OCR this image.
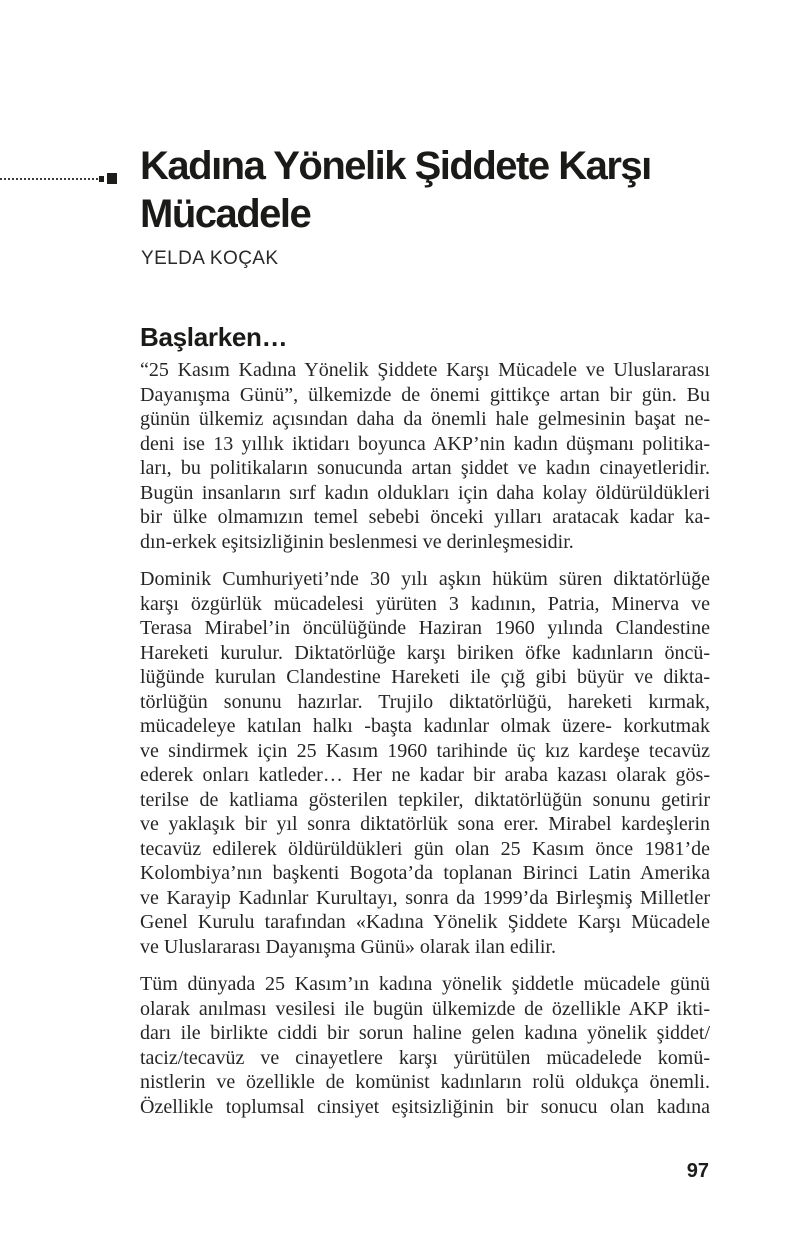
Kadına Yönelik Şiddete Karşı Mücadele
YELDA KOÇAK
Başlarken…
“25 Kasım Kadına Yönelik Şiddete Karşı Mücadele ve Uluslararası
Dayanışma Günü”, ülkemizde de önemi gittikçe artan bir gün. Bu
günün ülkemiz açısından daha da önemli hale gelmesinin başat ne-
deni ise 13 yıllık iktidarı boyunca AKP’nin kadın düşmanı politika-
ları, bu politikaların sonucunda artan şiddet ve kadın cinayetleridir.
Bugün insanların sırf kadın oldukları için daha kolay öldürüldükleri
bir ülke olmamızın temel sebebi önceki yılları aratacak kadar ka-
dın-erkek eşitsizliğinin beslenmesi ve derinleşmesidir.
Dominik Cumhuriyeti’nde 30 yılı aşkın hüküm süren diktatörlüğe
karşı özgürlük mücadelesi yürüten 3 kadının, Patria, Minerva ve
Terasa Mirabel’in öncülüğünde Haziran 1960 yılında Clandestine
Hareketi kurulur. Diktatörlüğe karşı biriken öfke kadınların öncü-
lüğünde kurulan Clandestine Hareketi ile çığ gibi büyür ve dikta-
törlüğün sonunu hazırlar. Trujilo diktatörlüğü, hareketi kırmak,
mücadeleye katılan halkı -başta kadınlar olmak üzere- korkutmak
ve sindirmek için 25 Kasım 1960 tarihinde üç kız kardeşe tecavüz
ederek onları katleder… Her ne kadar bir araba kazası olarak gös-
terilse de katliama gösterilen tepkiler, diktatörlüğün sonunu getirir
ve yaklaşık bir yıl sonra diktatörlük sona erer. Mirabel kardeşlerin
tecavüz edilerek öldürüldükleri gün olan 25 Kasım önce 1981’de
Kolombiya’nın başkenti Bogota’da toplanan Birinci Latin Amerika
ve Karayip Kadınlar Kurultayı, sonra da 1999’da Birleşmiş Milletler
Genel Kurulu tarafından «Kadına Yönelik Şiddete Karşı Mücadele
ve Uluslararası Dayanışma Günü» olarak ilan edilir.
Tüm dünyada 25 Kasım’ın kadına yönelik şiddetle mücadele günü
olarak anılması vesilesi ile bugün ülkemizde de özellikle AKP ikti-
darı ile birlikte ciddi bir sorun haline gelen kadına yönelik şiddet/
taciz/tecavüz ve cinayetlere karşı yürütülen mücadelede komü-
nistlerin ve özellikle de komünist kadınların rolü oldukça önemli.
Özellikle toplumsal cinsiyet eşitsizliğinin bir sonucu olan kadına
97
